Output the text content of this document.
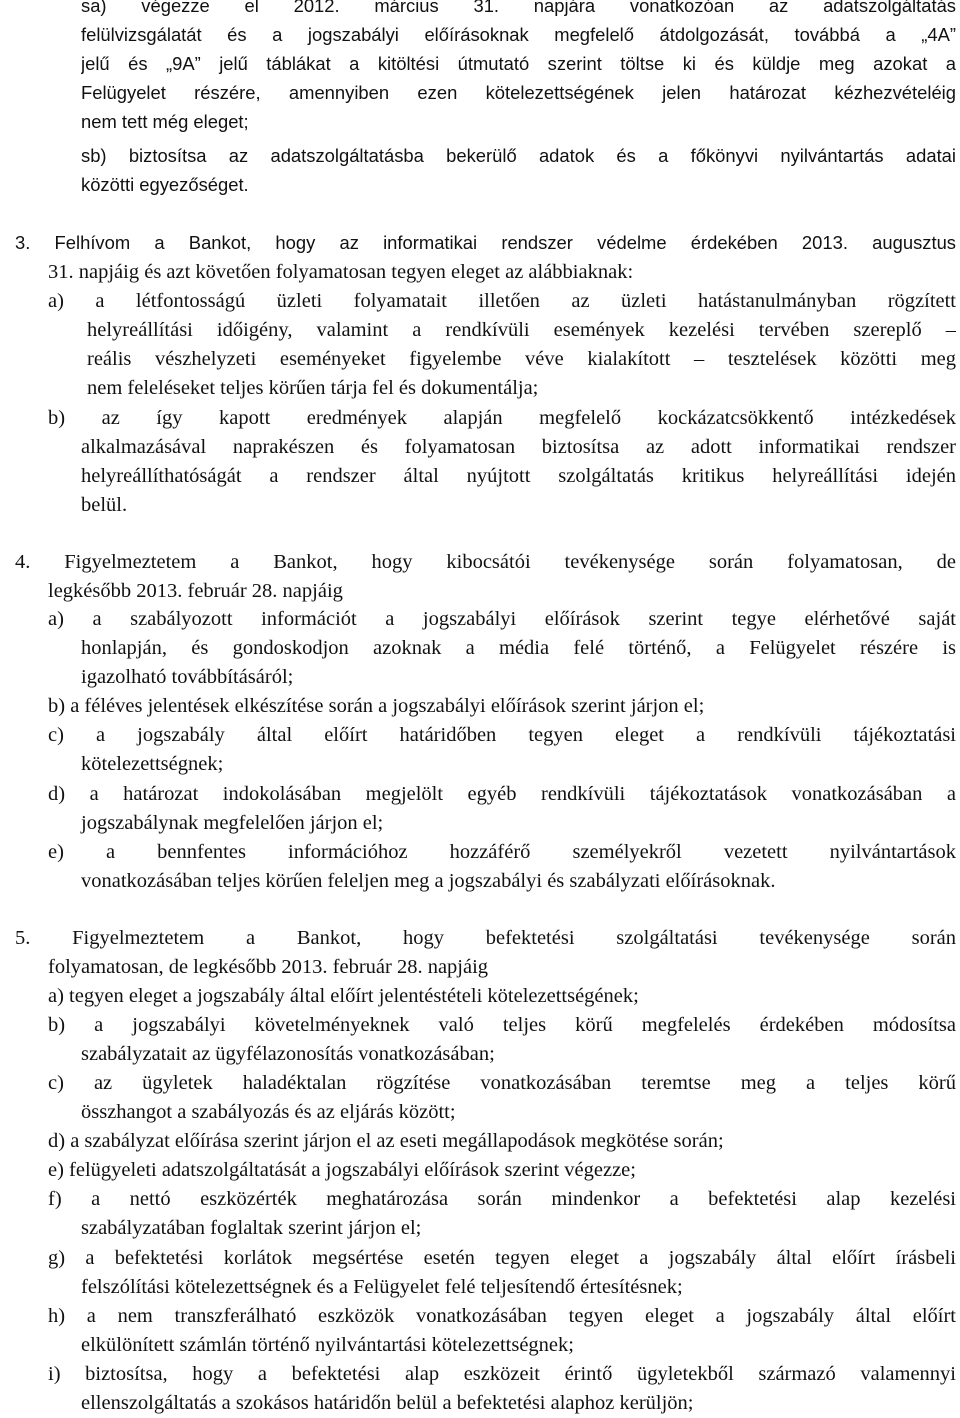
sa) végezze el 2012. március 31. napjára vonatkozóan az adatszolgáltatás
felülvizsgálatát és a jogszabályi előírásoknak megfelelő átdolgozását, továbbá a „4A”
jelű és „9A” jelű táblákat a kitöltési útmutató szerint töltse ki és küldje meg azokat a
Felügyelet részére, amennyiben ezen kötelezettségének jelen határozat kézhezvételéig
nem tett még eleget;
sb) biztosítsa az adatszolgáltatásba bekerülő adatok és a főkönyvi nyilvántartás adatai
közötti egyezőséget.
3. Felhívom a Bankot, hogy az informatikai rendszer védelme érdekében 2013. augusztus
31. napjáig és azt követően folyamatosan tegyen eleget az alábbiaknak:
a) a létfontosságú üzleti folyamatait illetően az üzleti hatástanulmányban rögzített
helyreállítási időigény, valamint a rendkívüli események kezelési tervében szereplő –
reális vészhelyzeti eseményeket figyelembe véve kialakított – tesztelések közötti meg
nem feleléseket teljes körűen tárja fel és dokumentálja;
b) az így kapott eredmények alapján megfelelő kockázatcsökkentő intézkedések
alkalmazásával naprakészen és folyamatosan biztosítsa az adott informatikai rendszer
helyreállíthatóságát a rendszer által nyújtott szolgáltatás kritikus helyreállítási idején
belül.
4. Figyelmeztetem a Bankot, hogy kibocsátói tevékenysége során folyamatosan, de
legkésőbb 2013. február 28. napjáig
a) a szabályozott információt a jogszabályi előírások szerint tegye elérhetővé saját
honlapján, és gondoskodjon azoknak a média felé történő, a Felügyelet részére is
igazolható továbbításáról;
b) a féléves jelentések elkészítése során a jogszabályi előírások szerint járjon el;
c) a jogszabály által előírt határidőben tegyen eleget a rendkívüli tájékoztatási
kötelezettségnek;
d) a határozat indokolásában megjelölt egyéb rendkívüli tájékoztatások vonatkozásában a
jogszabálynak megfelelően járjon el;
e) a bennfentes információhoz hozzáférő személyekről vezetett nyilvántartások
vonatkozásában teljes körűen feleljen meg a jogszabályi és szabályzati előírásoknak.
5. Figyelmeztetem a Bankot, hogy befektetési szolgáltatási tevékenysége során
folyamatosan, de legkésőbb 2013. február 28. napjáig
a) tegyen eleget a jogszabály által előírt jelentéstételi kötelezettségének;
b) a jogszabályi követelményeknek való teljes körű megfelelés érdekében módosítsa
szabályzatait az ügyfélazonosítás vonatkozásában;
c) az ügyletek haladéktalan rögzítése vonatkozásában teremtse meg a teljes körű
összhangot a szabályozás és az eljárás között;
d) a szabályzat előírása szerint járjon el az eseti megállapodások megkötése során;
e) felügyeleti adatszolgáltatását a jogszabályi előírások szerint végezze;
f) a nettó eszközérték meghatározása során mindenkor a befektetési alap kezelési
szabályzatában foglaltak szerint járjon el;
g) a befektetési korlátok megsértése esetén tegyen eleget a jogszabály által előírt írásbeli
felszólítási kötelezettségnek és a Felügyelet felé teljesítendő értesítésnek;
h) a nem transzferálható eszközök vonatkozásában tegyen eleget a jogszabály által előírt
elkülönített számlán történő nyilvántartási kötelezettségnek;
i) biztosítsa, hogy a befektetési alap eszközeit érintő ügyletekből származó valamennyi
ellenszolgáltatás a szokásos határidőn belül a befektetési alaphoz kerüljön;
